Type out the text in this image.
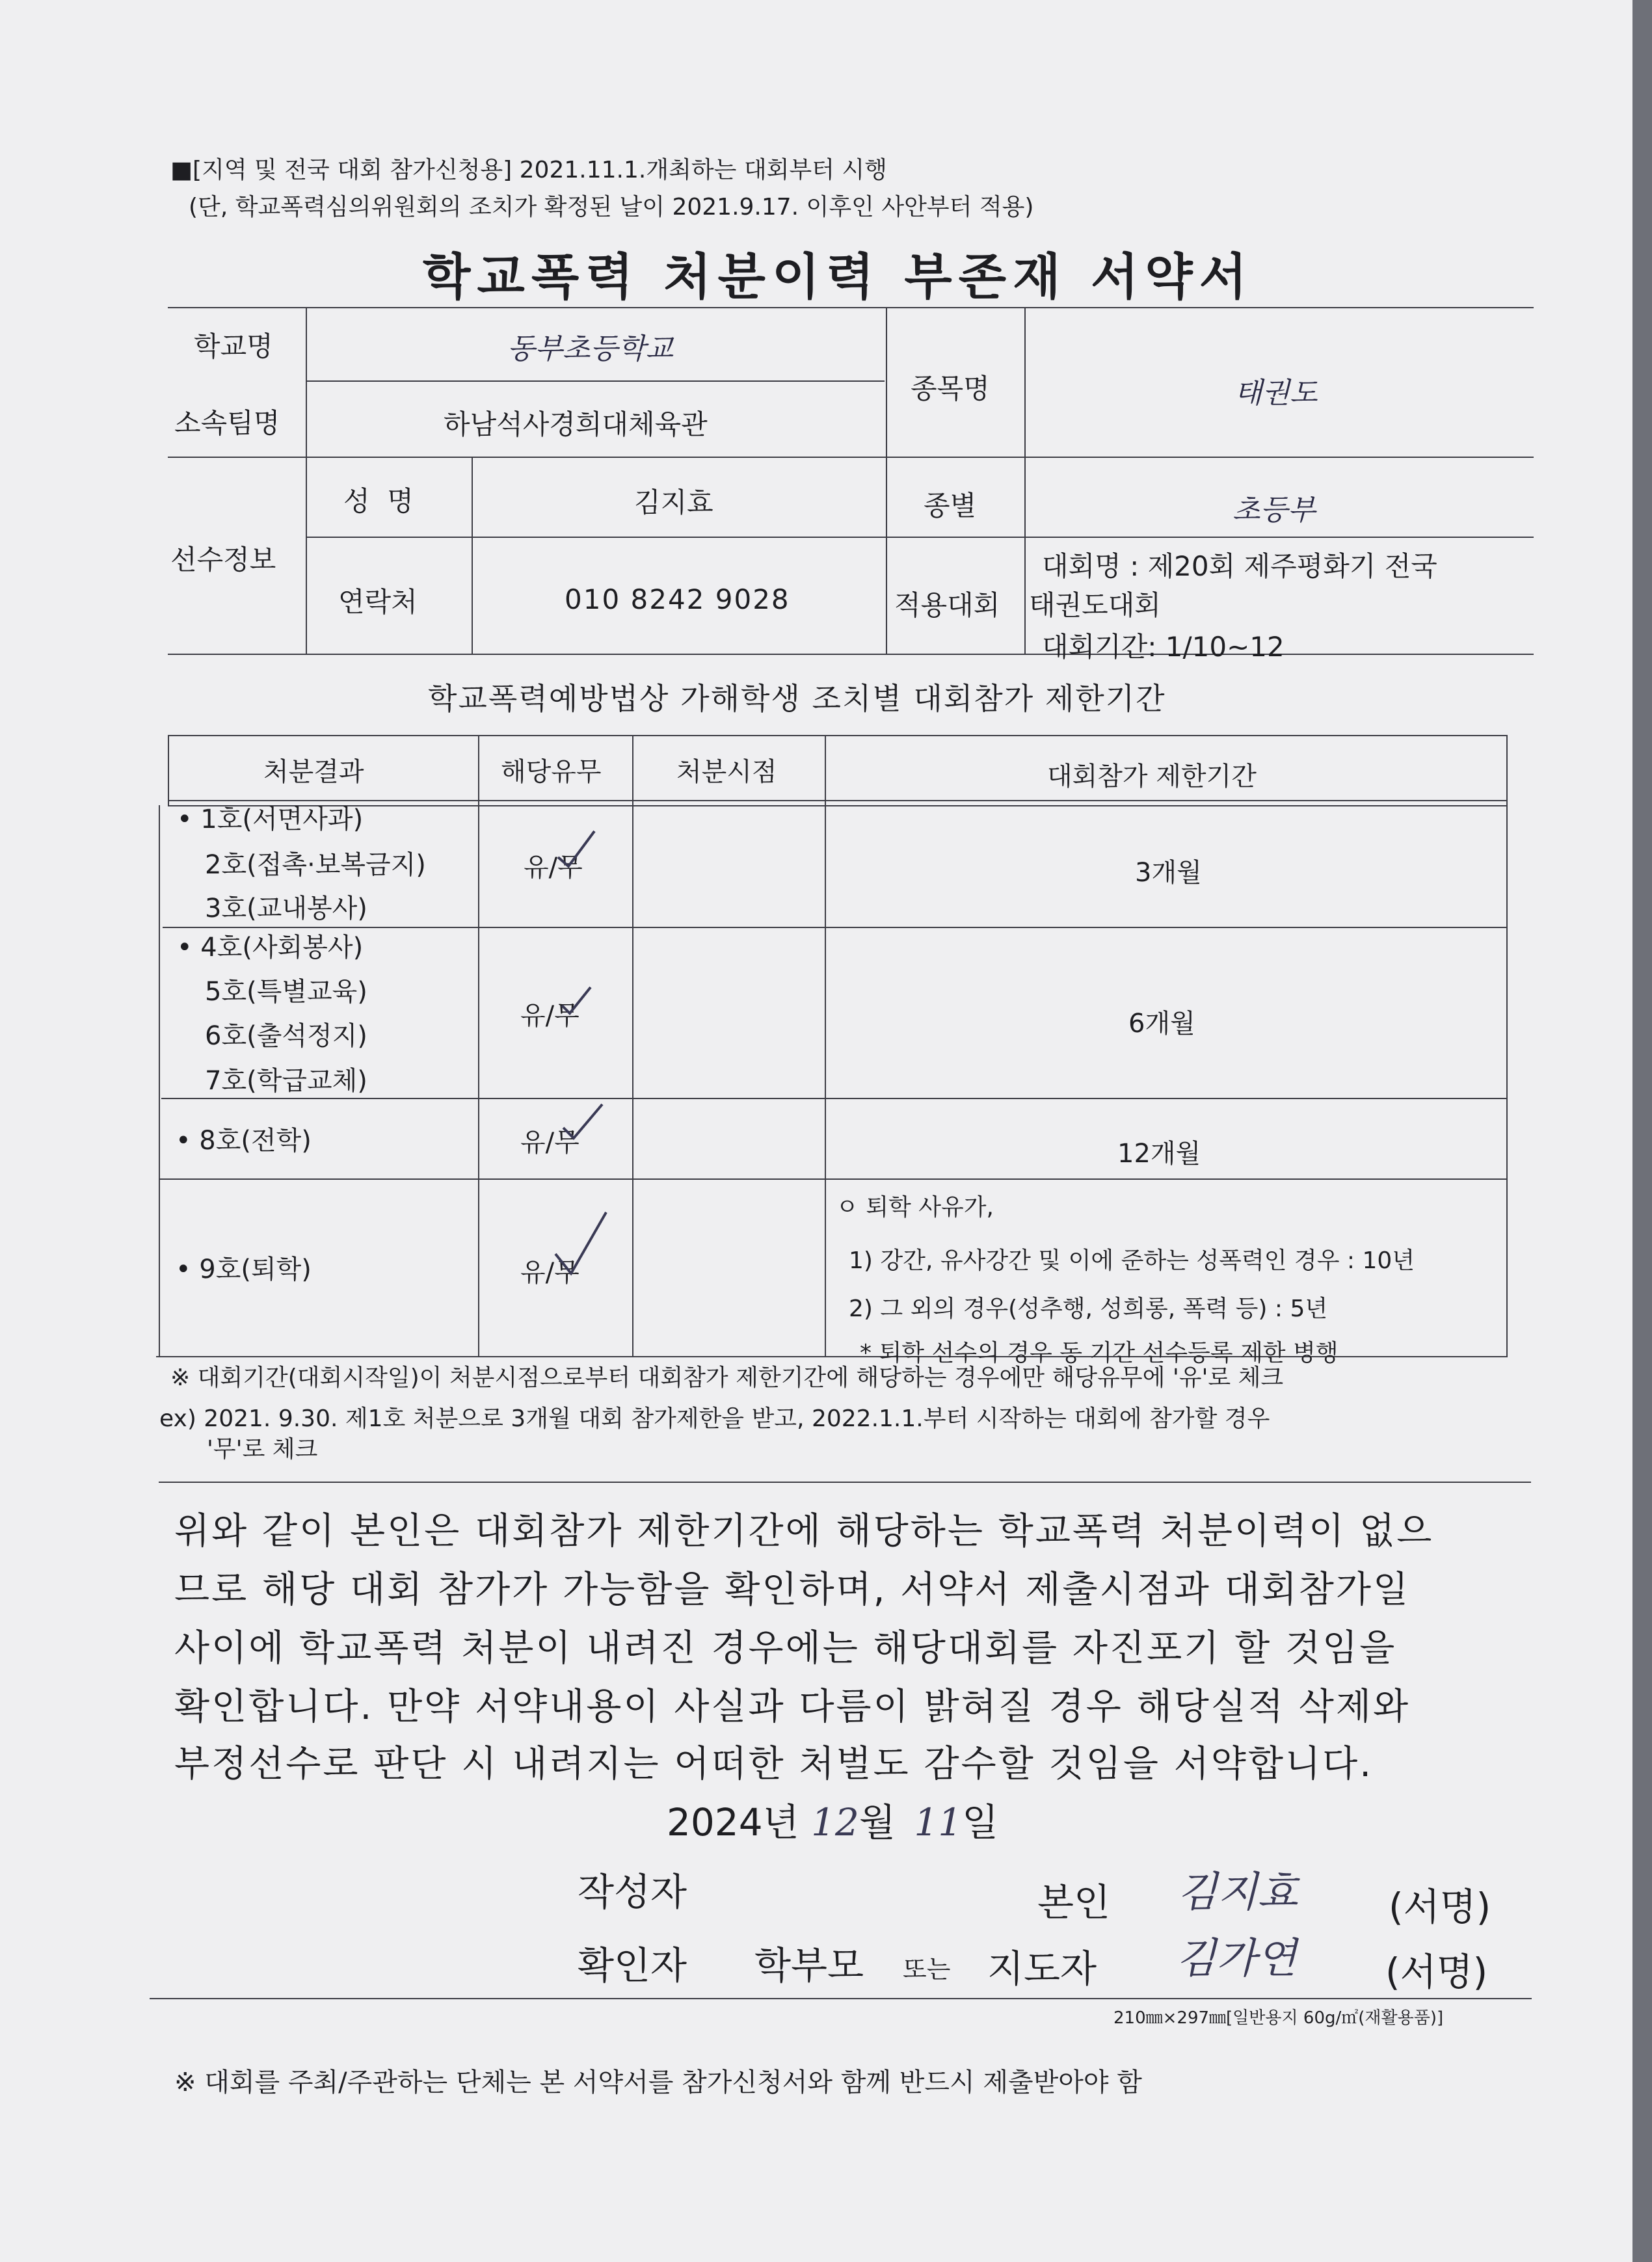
■[지역 및 전국 대회 참가신청용] 2021.11.1.개최하는 대회부터 시행
(단, 학교폭력심의위원회의 조치가 확정된 날이 2021.9.17. 이후인 사안부터 적용)
학교폭력 처분이력 부존재 서약서
학교명	동부초등학교
소속팀명	하남석사경희대체육관
종목명	태권도
선수정보
성  명	김지효	종별	초등부
연락처	010 8242 9028	적용대회
대회명 : 제20회 제주평화기 전국
태권도대회
대회기간: 1/10~12
학교폭력예방법상 가해학생 조치별 대회참가 제한기간
처분결과	해당유무	처분시점	대회참가 제한기간
• 1호(서면사과)
2호(접촉·보복금지)
3호(교내봉사)
유/무	3개월
• 4호(사회봉사)
5호(특별교육)
6호(출석정지)
7호(학급교체)
유/무	6개월
• 8호(전학)	유/무	12개월
• 9호(퇴학)	유/무
ㅇ 퇴학 사유가,
1) 강간, 유사강간 및 이에 준하는 성폭력인 경우 : 10년
2) 그 외의 경우(성추행, 성희롱, 폭력 등) : 5년
* 퇴학 선수의 경우 동 기간 선수등록 제한 병행
※ 대회기간(대회시작일)이 처분시점으로부터 대회참가 제한기간에 해당하는 경우에만 해당유무에 '유'로 체크
ex) 2021. 9.30. 제1호 처분으로 3개월 대회 참가제한을 받고, 2022.1.1.부터 시작하는 대회에 참가할 경우
'무'로 체크
위와 같이 본인은 대회참가 제한기간에 해당하는 학교폭력 처분이력이 없으
므로 해당 대회 참가가 가능함을 확인하며, 서약서 제출시점과 대회참가일
사이에 학교폭력 처분이 내려진 경우에는 해당대회를 자진포기 할 것임을
확인합니다. 만약 서약내용이 사실과 다름이 밝혀질 경우 해당실적 삭제와
부정선수로 판단 시 내려지는 어떠한 처벌도 감수할 것임을 서약합니다.
2024년 12월 11일
작성자	본인 김지효 (서명)
확인자 학부모 또는 지도자 김가연 (서명)
210㎜×297㎜[일반용지 60g/㎡(재활용품)]
※ 대회를 주최/주관하는 단체는 본 서약서를 참가신청서와 함께 반드시 제출받아야 함
